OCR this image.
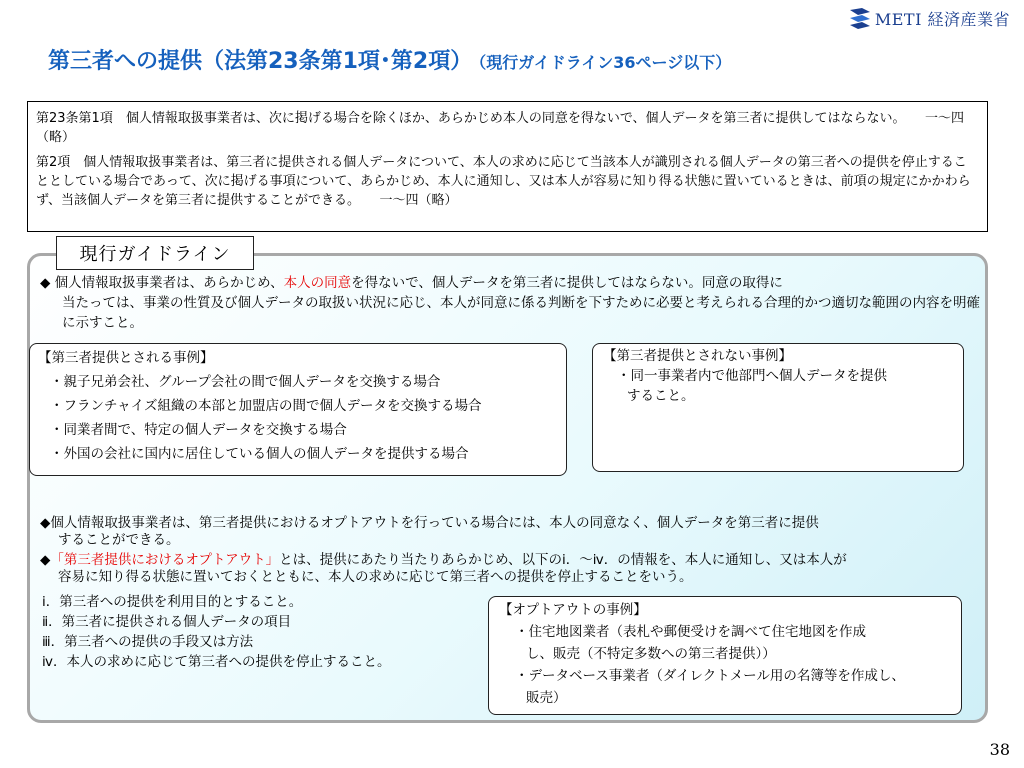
METI 経済産業省
第三者への提供（法第23条第1項･第2項） （現行ガイドライン36ページ以下）

第23条第1項　個人情報取扱事業者は、次に掲げる場合を除くほか、あらかじめ本人の同意を得ないで、個人データを第三者に提供してはならない。　　一～四（略）

第2項　個人情報取扱事業者は、第三者に提供される個人データについて、本人の求めに応じて当該本人が識別される個人データの第三者への提供を停止することとしている場合であって、次に掲げる事項について、あらかじめ、本人に通知し、又は本人が容易に知り得る状態に置いているときは、前項の規定にかかわらず、当該個人データを第三者に提供することができる。　　一～四（略）

現行ガイドライン
◆ 個人情報取扱事業者は、あらかじめ、本人の同意を得ないで、個人データを第三者に提供してはならない。同意の取得に
当たっては、事業の性質及び個人データの取扱い状況に応じ、本人が同意に係る判断を下すために必要と考えられる合理的かつ適切な範囲の内容を明確に示すこと。
【第三者提供とされる事例】
・親子兄弟会社、グループ会社の間で個人データを交換する場合
・フランチャイズ組織の本部と加盟店の間で個人データを交換する場合
・同業者間で、特定の個人データを交換する場合
・外国の会社に国内に居住している個人の個人データを提供する場合
【第三者提供とされない事例】
・同一事業者内で他部門へ個人データを提供
すること。
◆個人情報取扱事業者は、第三者提供におけるオプトアウトを行っている場合には、本人の同意なく、個人データを第三者に提供
することができる。
◆「第三者提供におけるオプトアウト」とは、提供にあたり当たりあらかじめ、以下のⅰ．～ⅳ．の情報を、本人に通知し、又は本人が
容易に知り得る状態に置いておくとともに、本人の求めに応じて第三者への提供を停止することをいう。
ⅰ．第三者への提供を利用目的とすること。
ⅱ．第三者に提供される個人データの項目
ⅲ．第三者への提供の手段又は方法
ⅳ．本人の求めに応じて第三者への提供を停止すること。
【オプトアウトの事例】
・住宅地図業者（表札や郵便受けを調べて住宅地図を作成
し、販売（不特定多数への第三者提供））
・データベース事業者（ダイレクトメール用の名簿等を作成し、
販売）
38
